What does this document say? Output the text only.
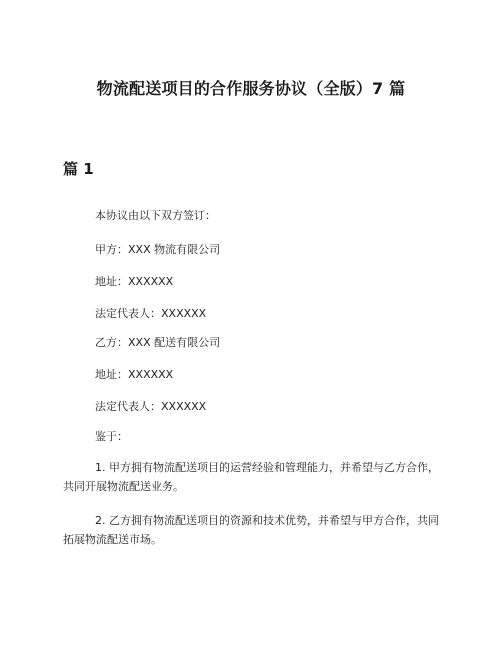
物流配送项目的合作服务协议（全版）7 篇
篇 1
本协议由以下双方签订：
甲方：XXX 物流有限公司
地址：XXXXXX
法定代表人：XXXXXX
乙方：XXX 配送有限公司
地址：XXXXXX
法定代表人：XXXXXX
鉴于：
1. 甲方拥有物流配送项目的运营经验和管理能力，并希望与乙方合作，共同开展物流配送业务。
2. 乙方拥有物流配送项目的资源和技术优势，并希望与甲方合作，共同拓展物流配送市场。
